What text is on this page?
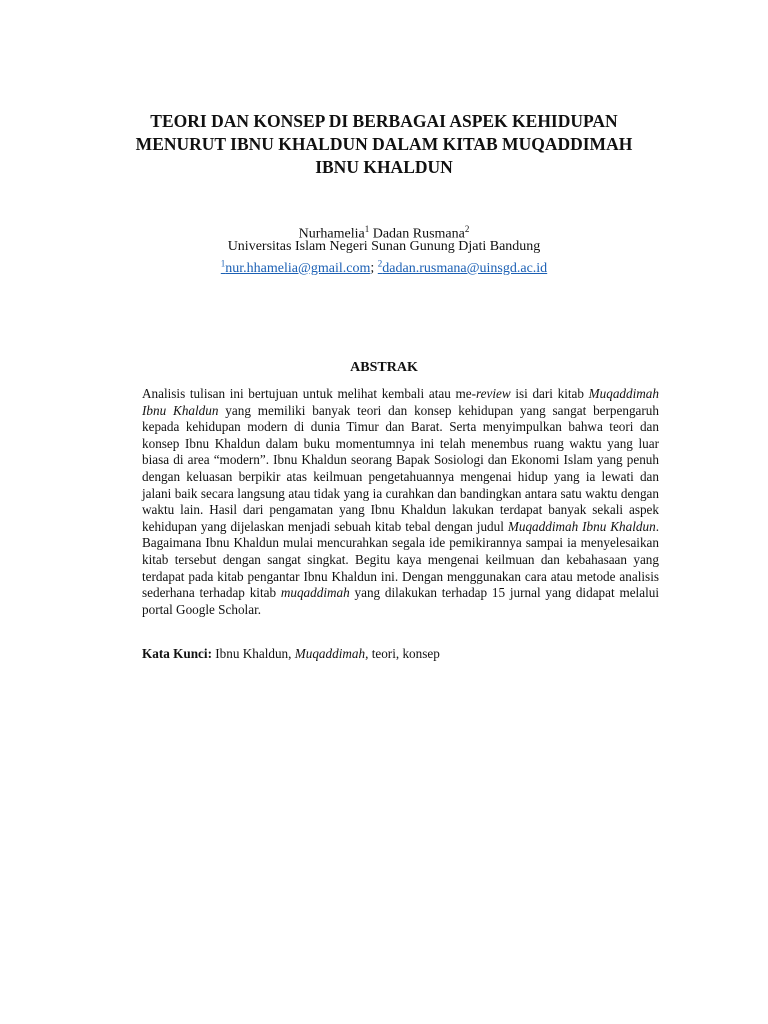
TEORI DAN KONSEP DI BERBAGAI ASPEK KEHIDUPAN
MENURUT IBNU KHALDUN DALAM KITAB MUQADDIMAH
IBNU KHALDUN
Nurhamelia$^1$ Dadan Rusmana$^2$
Universitas Islam Negeri Sunan Gunung Djati Bandung
$^1$nur.hhamelia@gmail.com; $^2$dadan.rusmana@uinsgd.ac.id
ABSTRAK

Analisis tulisan ini bertujuan untuk melihat kembali atau me-review isi dari kitab Muqaddimah Ibnu Khaldun yang memiliki banyak teori dan konsep kehidupan yang sangat berpengaruh kepada kehidupan modern di dunia Timur dan Barat. Serta menyimpulkan bahwa teori dan konsep Ibnu Khaldun dalam buku momentumnya ini telah menembus ruang waktu yang luar biasa di area “modern”. Ibnu Khaldun seorang Bapak Sosiologi dan Ekonomi Islam yang penuh dengan keluasan berpikir atas keilmuan pengetahuannya mengenai hidup yang ia lewati dan jalani baik secara langsung atau tidak yang ia curahkan dan bandingkan antara satu waktu dengan waktu lain. Hasil dari pengamatan yang Ibnu Khaldun lakukan terdapat banyak sekali aspek kehidupan yang dijelaskan menjadi sebuah kitab tebal dengan judul Muqaddimah Ibnu Khaldun. Bagaimana Ibnu Khaldun mulai mencurahkan segala ide pemikirannya sampai ia menyelesaikan kitab tersebut dengan sangat singkat. Begitu kaya mengenai keilmuan dan kebahasaan yang terdapat pada kitab pengantar Ibnu Khaldun ini. Dengan menggunakan cara atau metode analisis sederhana terhadap kitab muqaddimah yang dilakukan terhadap 15 jurnal yang didapat melalui portal Google Scholar.

Kata Kunci: Ibnu Khaldun, Muqaddimah, teori, konsep
